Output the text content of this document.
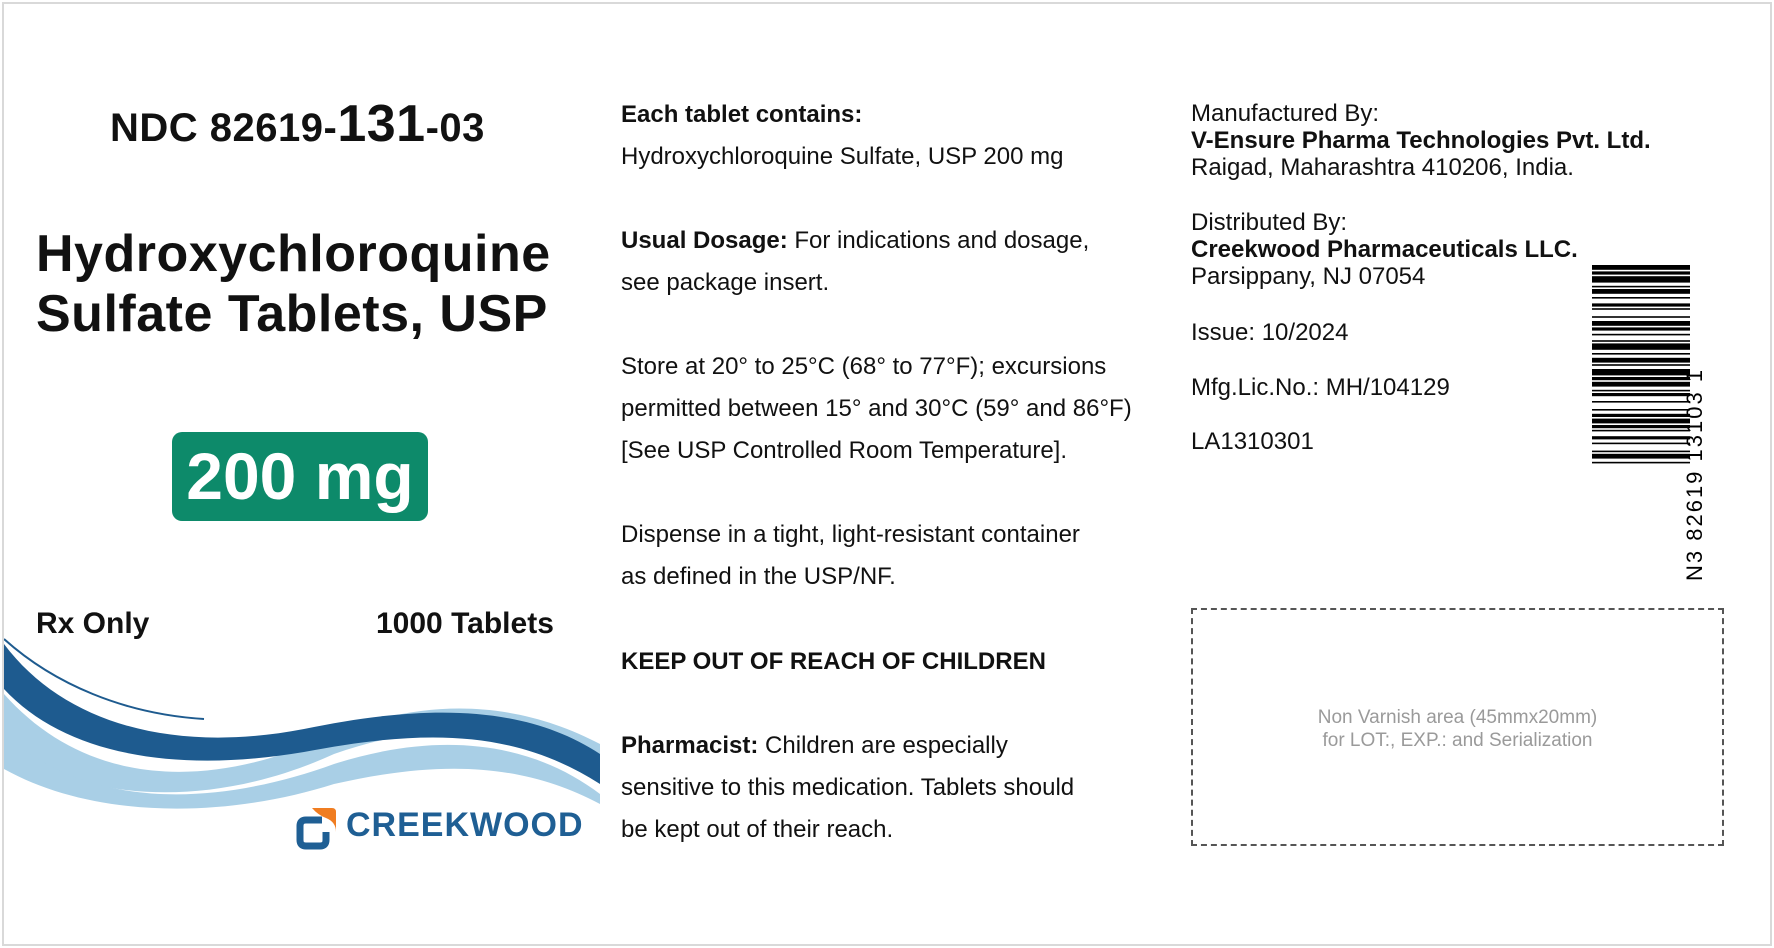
NDC 82619-131-03
Hydroxychloroquine
Sulfate Tablets, USP
200 mg
Rx Only	1000 Tablets
CREEKWOOD
Each tablet contains:
Hydroxychloroquine Sulfate, USP 200 mg
Usual Dosage: For indications and dosage,
see package insert.
Store at 20° to 25°C (68° to 77°F); excursions
permitted between 15° and 30°C (59° and 86°F)
[See USP Controlled Room Temperature].
Dispense in a tight, light-resistant container
as defined in the USP/NF.
KEEP OUT OF REACH OF CHILDREN
Pharmacist: Children are especially
sensitive to this medication. Tablets should
be kept out of their reach.
Manufactured By:
V-Ensure Pharma Technologies Pvt. Ltd.
Raigad, Maharashtra 410206, India.
Distributed By:
Creekwood Pharmaceuticals LLC.
Parsippany, NJ 07054
Issue: 10/2024
Mfg.Lic.No.: MH/104129
LA1310301	N3 82619 13103 1
Non Varnish area (45mmx20mm)
for LOT:, EXP.: and Serialization
